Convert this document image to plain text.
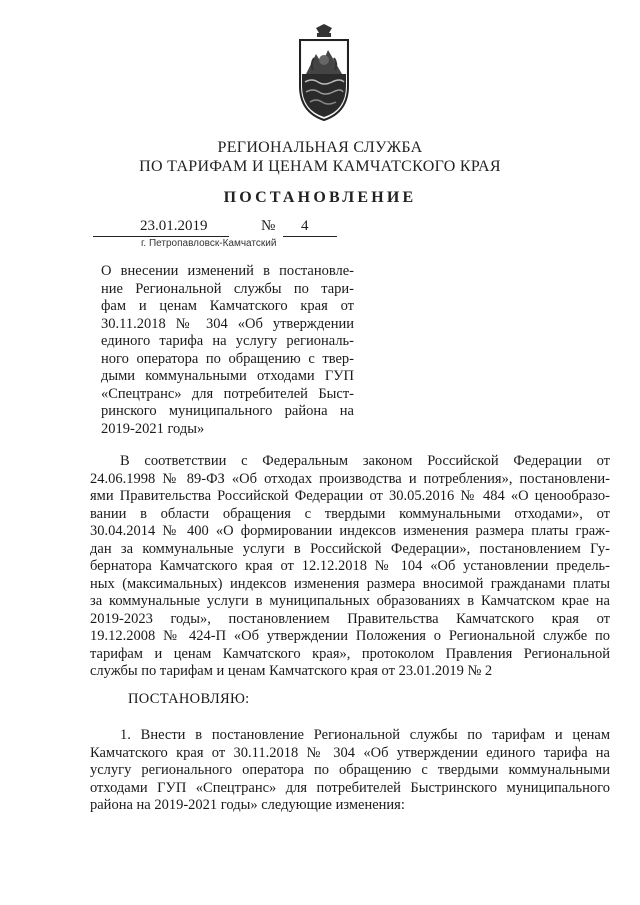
РЕГИОНАЛЬНАЯ СЛУЖБА
ПО ТАРИФАМ И ЦЕНАМ КАМЧАТСКОГО КРАЯ
ПОСТАНОВЛЕНИЕ
23.01.2019	№ 4
г. Петропавловск-Камчатский
О внесении изменений в постановле-
ние Региональной службы по тари-
фам и ценам Камчатского края от
30.11.2018 № 304 «Об утверждении
единого тарифа на услугу региональ-
ного оператора по обращению с твер-
дыми коммунальными отходами ГУП
«Спецтранс» для потребителей Быст-
ринского муниципального района на
2019-2021 годы»
В соответствии с Федеральным законом Российской Федерации от
24.06.1998 № 89-ФЗ «Об отходах производства и потребления», постановлени-
ями Правительства Российской Федерации от 30.05.2016 № 484 «О ценообразо-
вании в области обращения с твердыми коммунальными отходами», от
30.04.2014 № 400 «О формировании индексов изменения размера платы граж-
дан за коммунальные услуги в Российской Федерации», постановлением Гу-
бернатора Камчатского края от 12.12.2018 № 104 «Об установлении предель-
ных (максимальных) индексов изменения размера вносимой гражданами платы
за коммунальные услуги в муниципальных образованиях в Камчатском крае на
2019-2023 годы», постановлением Правительства Камчатского края от
19.12.2008 № 424-П «Об утверждении Положения о Региональной службе по
тарифам и ценам Камчатского края», протоколом Правления Региональной
службы по тарифам и ценам Камчатского края от 23.01.2019 № 2
ПОСТАНОВЛЯЮ:
1. Внести в постановление Региональной службы по тарифам и ценам
Камчатского края от 30.11.2018 № 304 «Об утверждении единого тарифа на
услугу регионального оператора по обращению с твердыми коммунальными
отходами ГУП «Спецтранс» для потребителей Быстринского муниципального
района на 2019-2021 годы» следующие изменения:
